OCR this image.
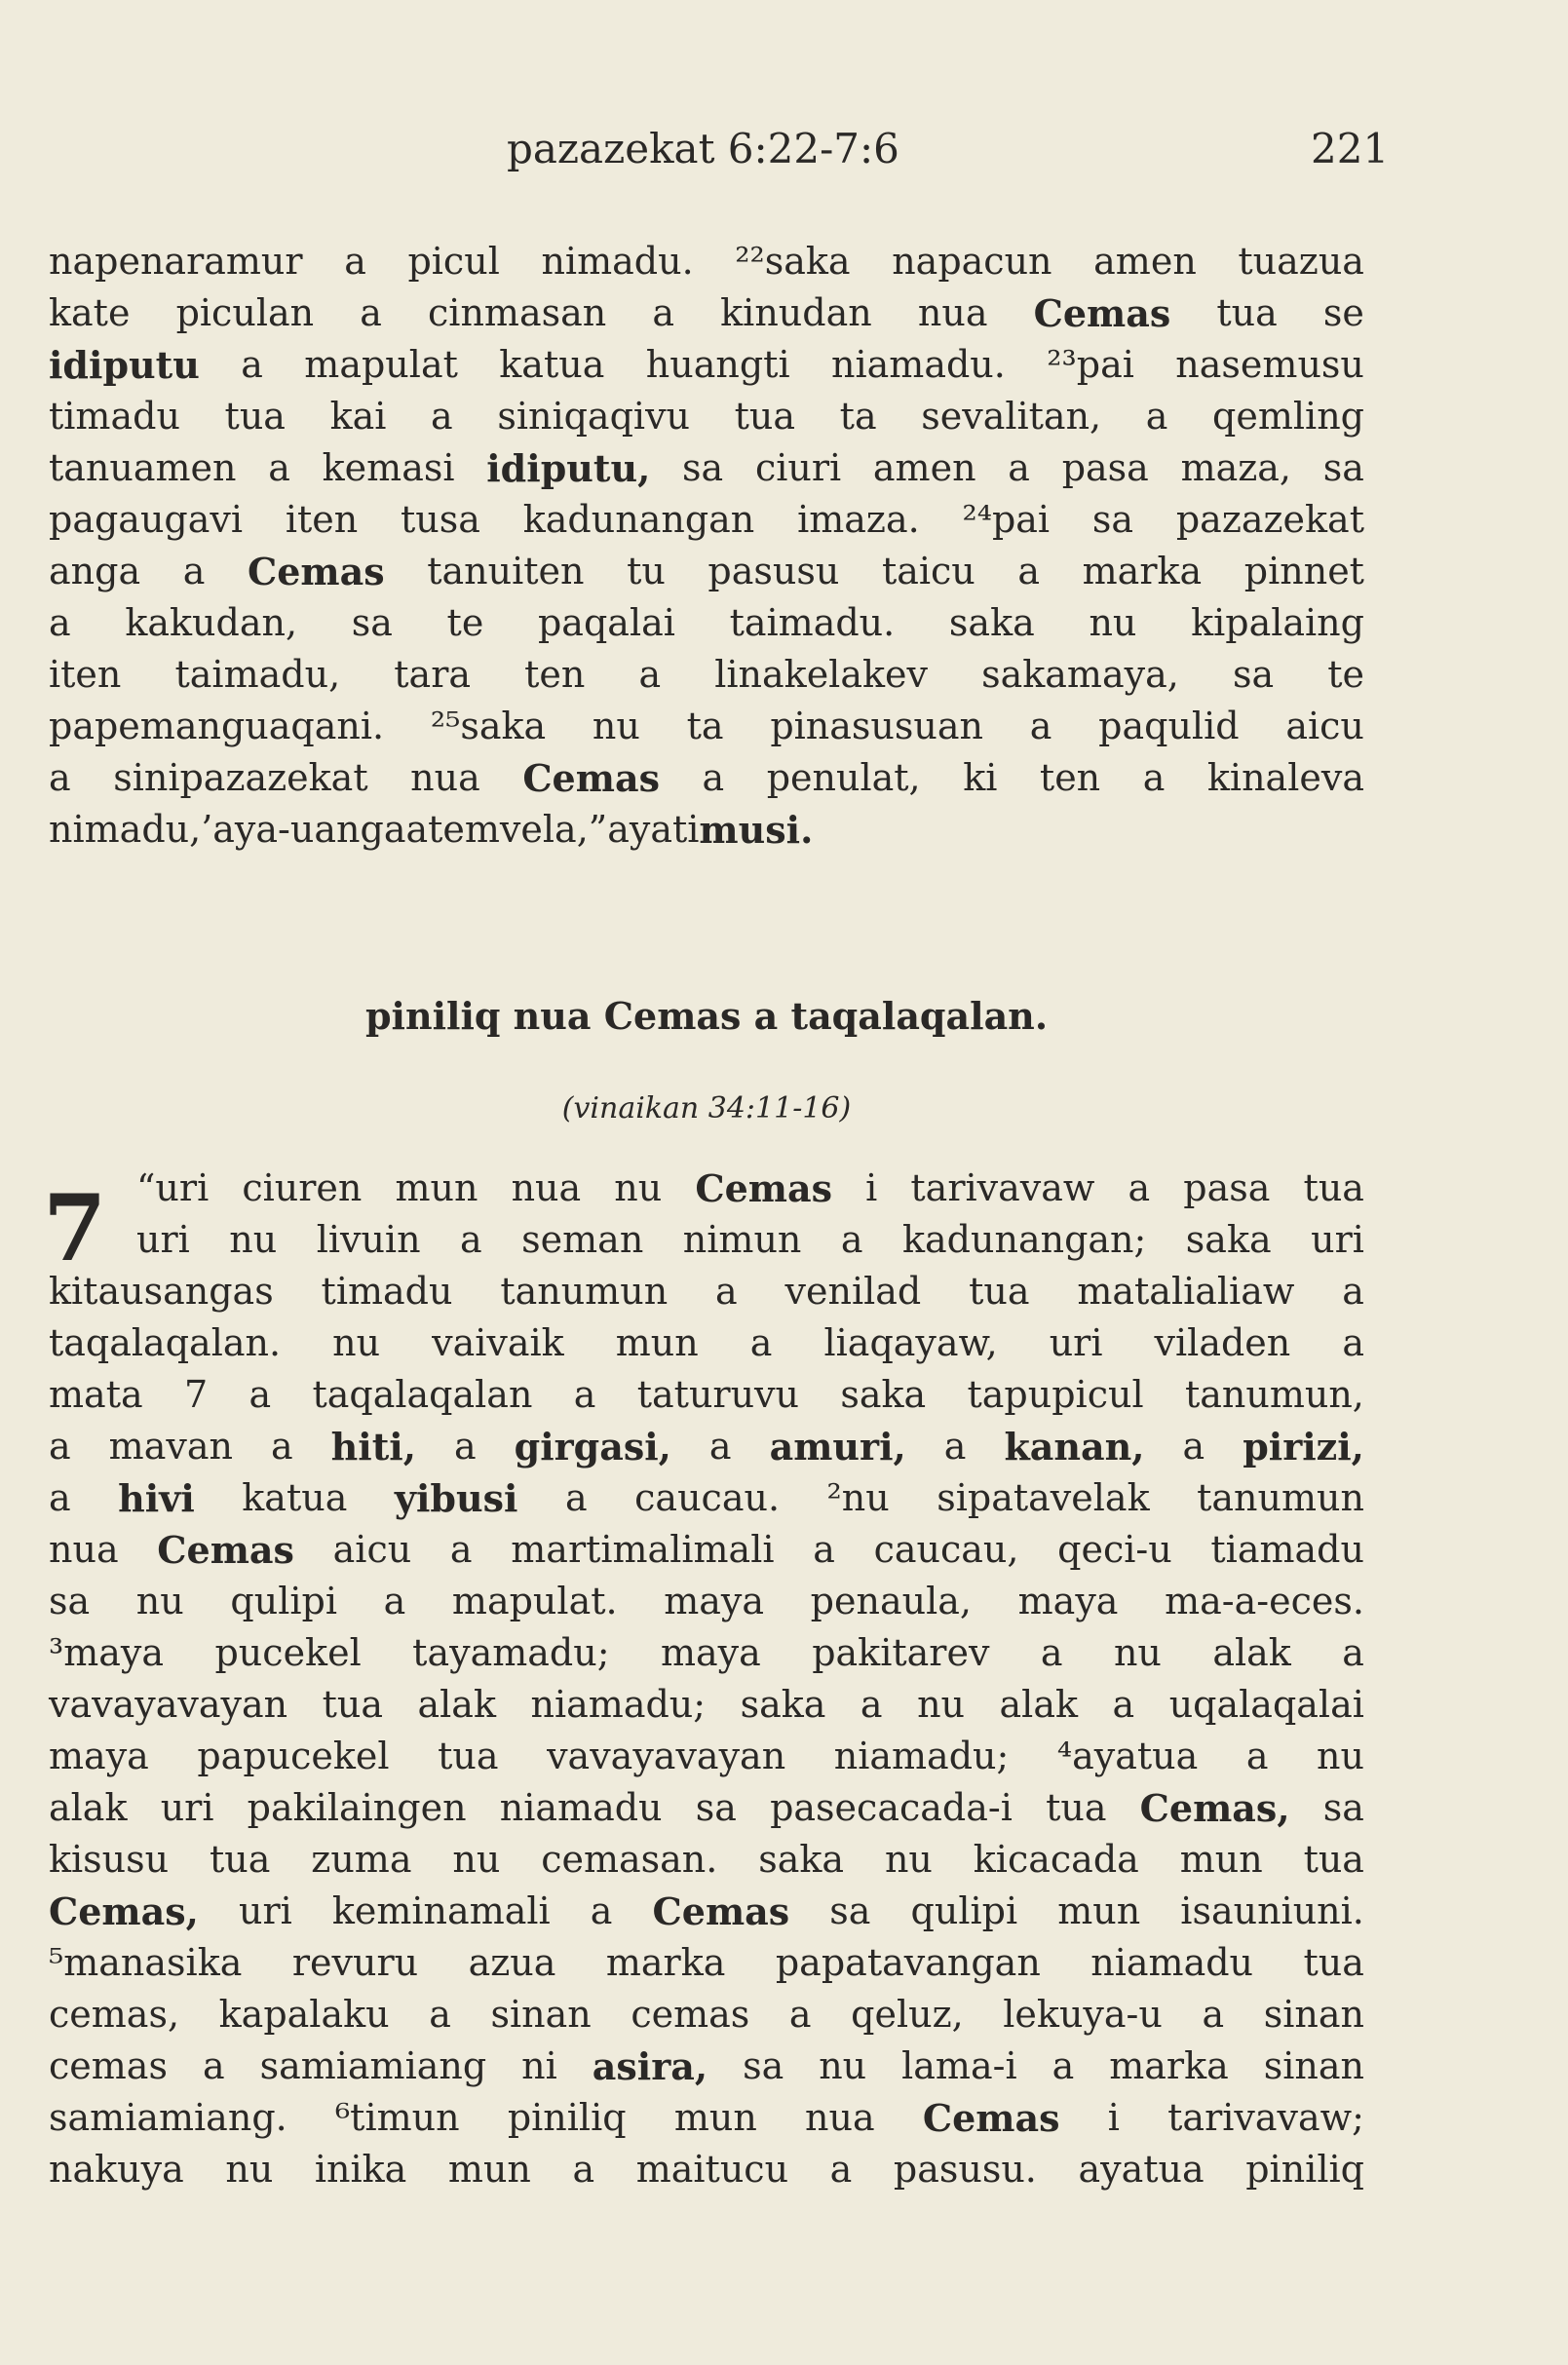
pazazekat 6:22-7:6	221
napenaramur a picul nimadu. ²²saka napacun amen tuazua
kate piculan a cinmasan a kinudan nua Cemas tua se
idiputu a mapulat katua huangti niamadu. ²³pai nasemusu
timadu tua kai a siniqaqivu tua ta sevalitan, a qemling
tanuamen a kemasi idiputu, sa ciuri amen a pasa maza, sa
pagaugavi iten tusa kadunangan imaza. ²⁴pai sa pazazekat
anga a Cemas tanuiten tu pasusu taicu a marka pinnet
a kakudan, sa te paqalai taimadu. saka nu kipalaing
iten taimadu, tara ten a linakelakev sakamaya, sa te
papemanguaqani. ²⁵saka nu ta pinasusuan a paqulid aicu
a sinipazazekat nua Cemas a penulat, ki ten a kinaleva
nimadu,’ aya-u anga a temvela,” aya ti musi.
piniliq nua Cemas a taqalaqalan.
(vinaikan 34:11-16)
7 “uri ciuren mun nua nu Cemas i tarivavaw a pasa tua
uri nu livuin a seman nimun a kadunangan; saka uri
kitausangas timadu tanumun a venilad tua matalialiaw a
taqalaqalan. nu vaivaik mun a liaqayaw, uri viladen a
mata 7 a taqalaqalan a taturuvu saka tapupicul tanumun,
a mavan a hiti, a girgasi, a amuri, a kanan, a pirizi,
a hivi katua yibusi a caucau. ²nu sipatavelak tanumun
nua Cemas aicu a martimalimali a caucau, qeci-u tiamadu
sa nu qulipi a mapulat. maya penaula, maya ma-a-eces.
³maya pucekel tayamadu; maya pakitarev a nu alak a
vavayavayan tua alak niamadu; saka a nu alak a uqalaqalai
maya papucekel tua vavayavayan niamadu; ⁴ayatua a nu
alak uri pakilaingen niamadu sa pasecacada-i tua Cemas, sa
kisusu tua zuma nu cemasan. saka nu kicacada mun tua
Cemas, uri keminamali a Cemas sa qulipi mun isauniuni.
⁵manasika revuru azua marka papatavangan niamadu tua
cemas, kapalaku a sinan cemas a qeluz, lekuya-u a sinan
cemas a samiamiang ni asira, sa nu lama-i a marka sinan
samiamiang. ⁶timun piniliq mun nua Cemas i tarivavaw;
nakuya nu inika mun a maitucu a pasusu. ayatua piniliq
